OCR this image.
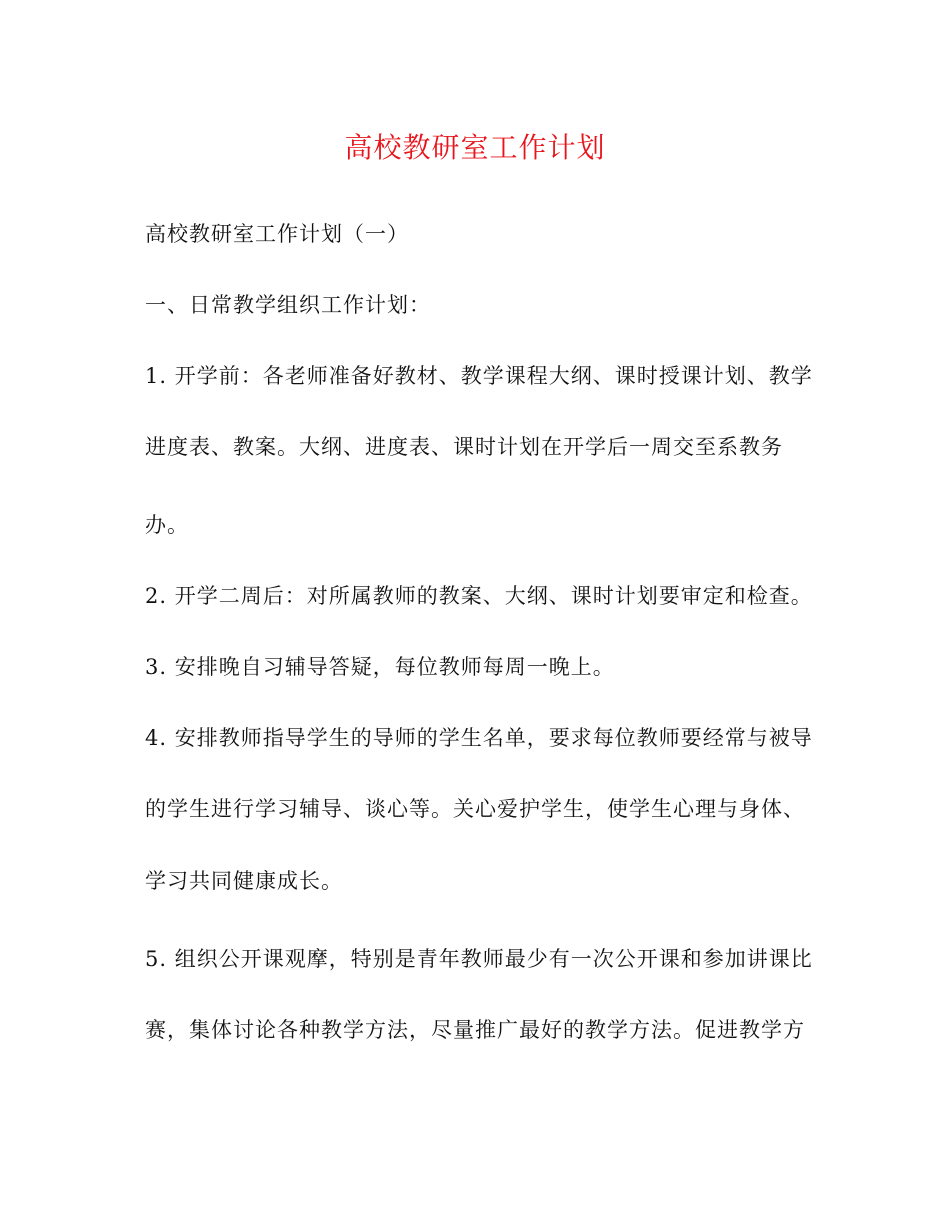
高校教研室工作计划
高校教研室工作计划（一）
一、日常教学组织工作计划：
1. 开学前：各老师准备好教材、教学课程大纲、课时授课计划、教学
进度表、教案。大纲、进度表、课时计划在开学后一周交至系教务
办。
2. 开学二周后：对所属教师的教案、大纲、课时计划要审定和检查。
3. 安排晚自习辅导答疑，每位教师每周一晚上。
4. 安排教师指导学生的导师的学生名单，要求每位教师要经常与被导
的学生进行学习辅导、谈心等。关心爱护学生，使学生心理与身体、
学习共同健康成长。
5. 组织公开课观摩，特别是青年教师最少有一次公开课和参加讲课比
赛，集体讨论各种教学方法，尽量推广最好的教学方法。促进教学方
